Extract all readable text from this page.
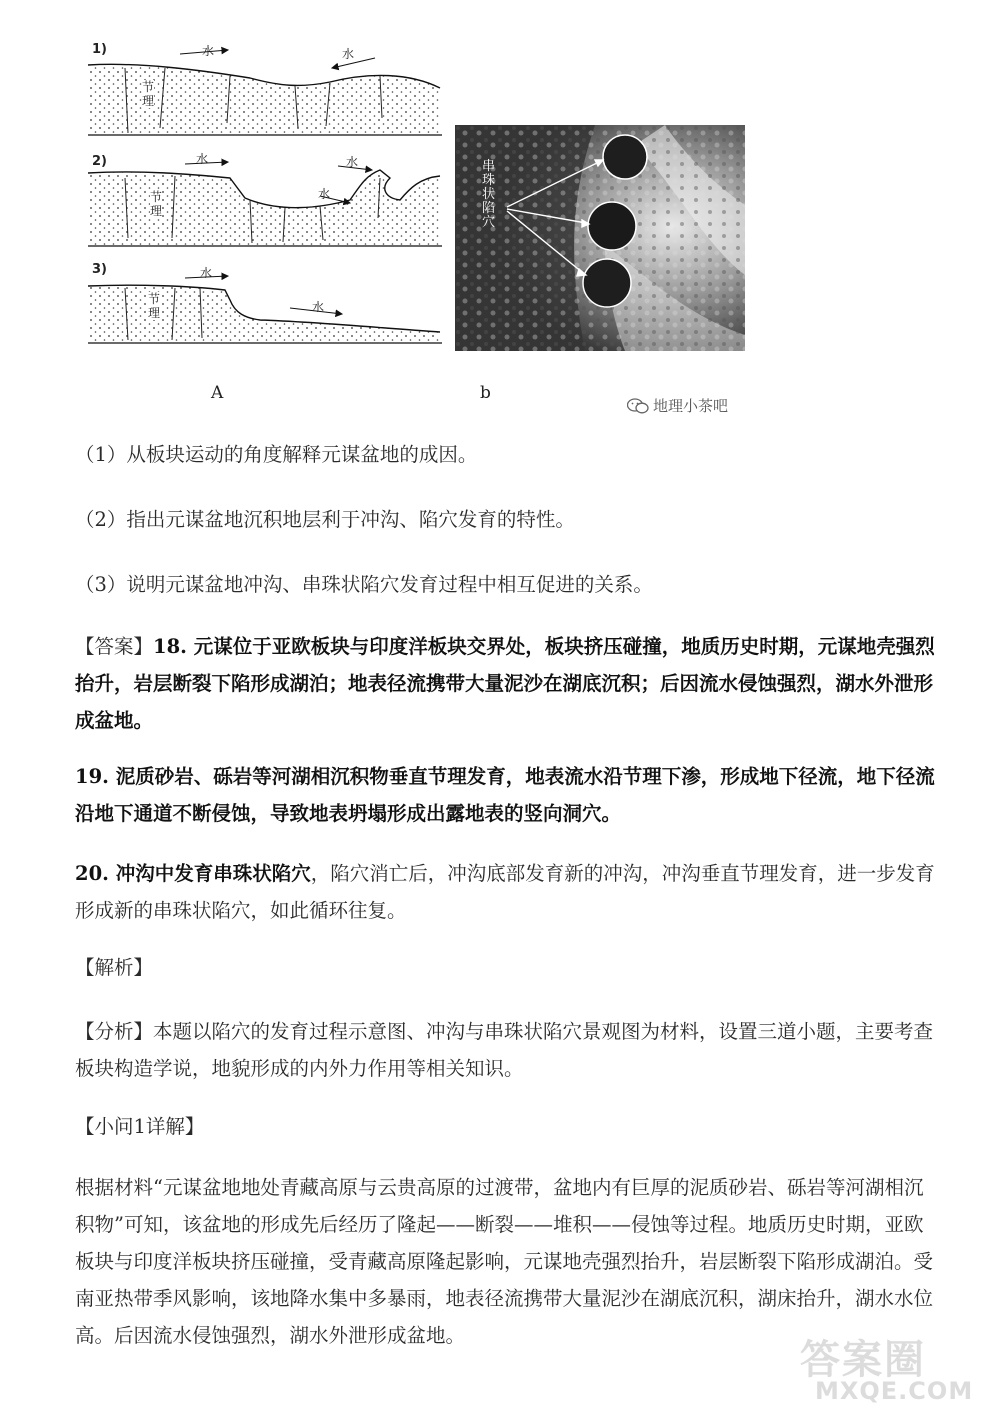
1)
2)
3)
节
理
节
理
节
理
水	水
水	水
水
水
水
A
串珠状陷穴
b
地理小茶吧
（1）从板块运动的角度解释元谋盆地的成因。
（2）指出元谋盆地沉积地层利于冲沟、陷穴发育的特性。
（3）说明元谋盆地冲沟、串珠状陷穴发育过程中相互促进的关系。
【答案】18. 元谋位于亚欧板块与印度洋板块交界处，板块挤压碰撞，地质历史时期，元谋地壳强烈抬升，岩层断裂下陷形成湖泊；地表径流携带大量泥沙在湖底沉积；后因流水侵蚀强烈，湖水外泄形成盆地。
19. 泥质砂岩、砾岩等河湖相沉积物垂直节理发育，地表流水沿节理下渗，形成地下径流，地下径流沿地下通道不断侵蚀，导致地表坍塌形成出露地表的竖向洞穴。
20. 冲沟中发育串珠状陷穴，陷穴消亡后，冲沟底部发育新的冲沟，冲沟垂直节理发育，进一步发育形成新的串珠状陷穴，如此循环往复。
【解析】
【分析】本题以陷穴的发育过程示意图、冲沟与串珠状陷穴景观图为材料，设置三道小题，主要考查板块构造学说，地貌形成的内外力作用等相关知识。
【小问1详解】
根据材料“元谋盆地地处青藏高原与云贵高原的过渡带，盆地内有巨厚的泥质砂岩、砾岩等河湖相沉积物”可知，该盆地的形成先后经历了隆起——断裂——堆积——侵蚀等过程。地质历史时期，亚欧板块与印度洋板块挤压碰撞，受青藏高原隆起影响，元谋地壳强烈抬升，岩层断裂下陷形成湖泊。受南亚热带季风影响，该地降水集中多暴雨，地表径流携带大量泥沙在湖底沉积，湖床抬升，湖水水位高。后因流水侵蚀强烈，湖水外泄形成盆地。
答案圈
MXQE.COM
